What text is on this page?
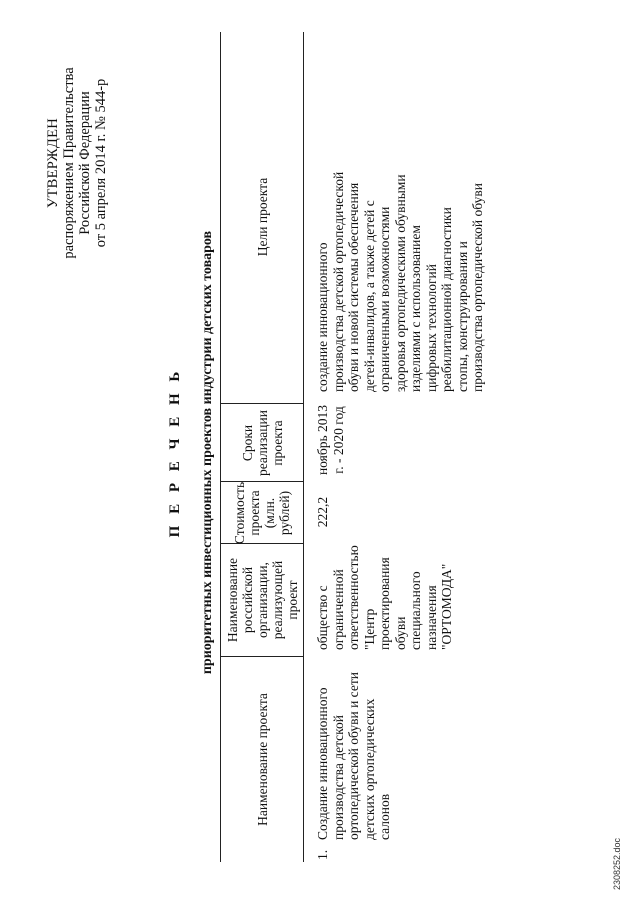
УТВЕРЖДЕН распоряжением Правительства Российской Федерации от 5 апреля 2014 г. № 544-р
П Е Р Е Ч Е Н Ь приоритетных инвестиционных проектов индустрии детских товаров
Наименование проекта
Наименование российской организации, реализующей проект
Стоимость проекта (млн. рублей)
Сроки реализации проекта
Цели проекта
1.
Создание инновационного производства детской ортопедической обуви и сети детских ортопедических салонов
общество с ограниченной ответственностью "Центр проектирования обуви специального назначения "ОРТОМОДА"
222,2
ноябрь 2013 г. - 2020 год
создание инновационного производства детской ортопедической обуви и новой системы обеспечения детей-инвалидов, а также детей с ограниченными возможностями здоровья ортопедическими обувными изделиями с использованием цифровых технологий реабилитационной диагностики стопы, конструирования и производства ортопедической обуви
2308252.doc
